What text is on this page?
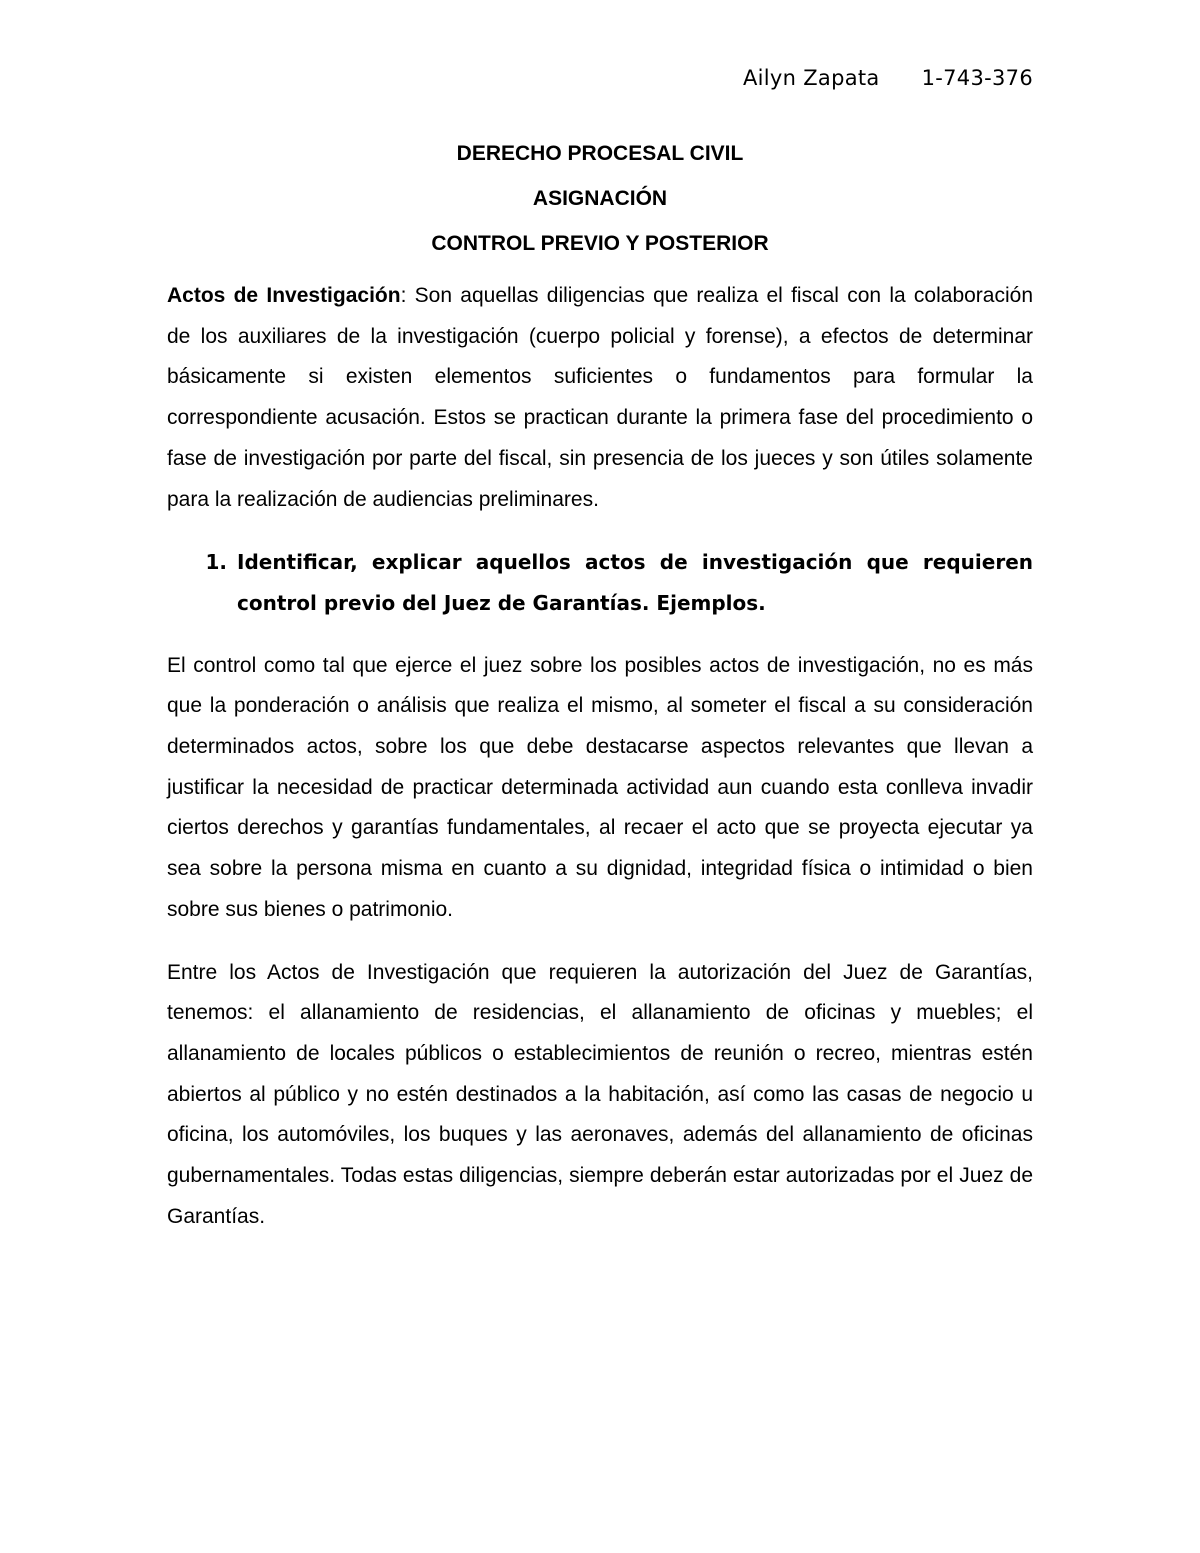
Ailyn Zapata 1-743-376
DERECHO PROCESAL CIVIL
ASIGNACIÓN
CONTROL PREVIO Y POSTERIOR

Actos de Investigación: Son aquellas diligencias que realiza el fiscal con la colaboración de los auxiliares de la investigación (cuerpo policial y forense), a efectos de determinar básicamente si existen elementos suficientes o fundamentos para formular la correspondiente acusación. Estos se practican durante la primera fase del procedimiento o fase de investigación por parte del fiscal, sin presencia de los jueces y son útiles solamente para la realización de audiencias preliminares.

1. Identificar, explicar aquellos actos de investigación que requieren control previo del Juez de Garantías. Ejemplos.

El control como tal que ejerce el juez sobre los posibles actos de investigación, no es más que la ponderación o análisis que realiza el mismo, al someter el fiscal a su consideración determinados actos, sobre los que debe destacarse aspectos relevantes que llevan a justificar la necesidad de practicar determinada actividad aun cuando esta conlleva invadir ciertos derechos y garantías fundamentales, al recaer el acto que se proyecta ejecutar ya sea sobre la persona misma en cuanto a su dignidad, integridad física o intimidad o bien sobre sus bienes o patrimonio.

Entre los Actos de Investigación que requieren la autorización del Juez de Garantías, tenemos: el allanamiento de residencias, el allanamiento de oficinas y muebles; el allanamiento de locales públicos o establecimientos de reunión o recreo, mientras estén abiertos al público y no estén destinados a la habitación, así como las casas de negocio u oficina, los automóviles, los buques y las aeronaves, además del allanamiento de oficinas gubernamentales. Todas estas diligencias, siempre deberán estar autorizadas por el Juez de Garantías.
